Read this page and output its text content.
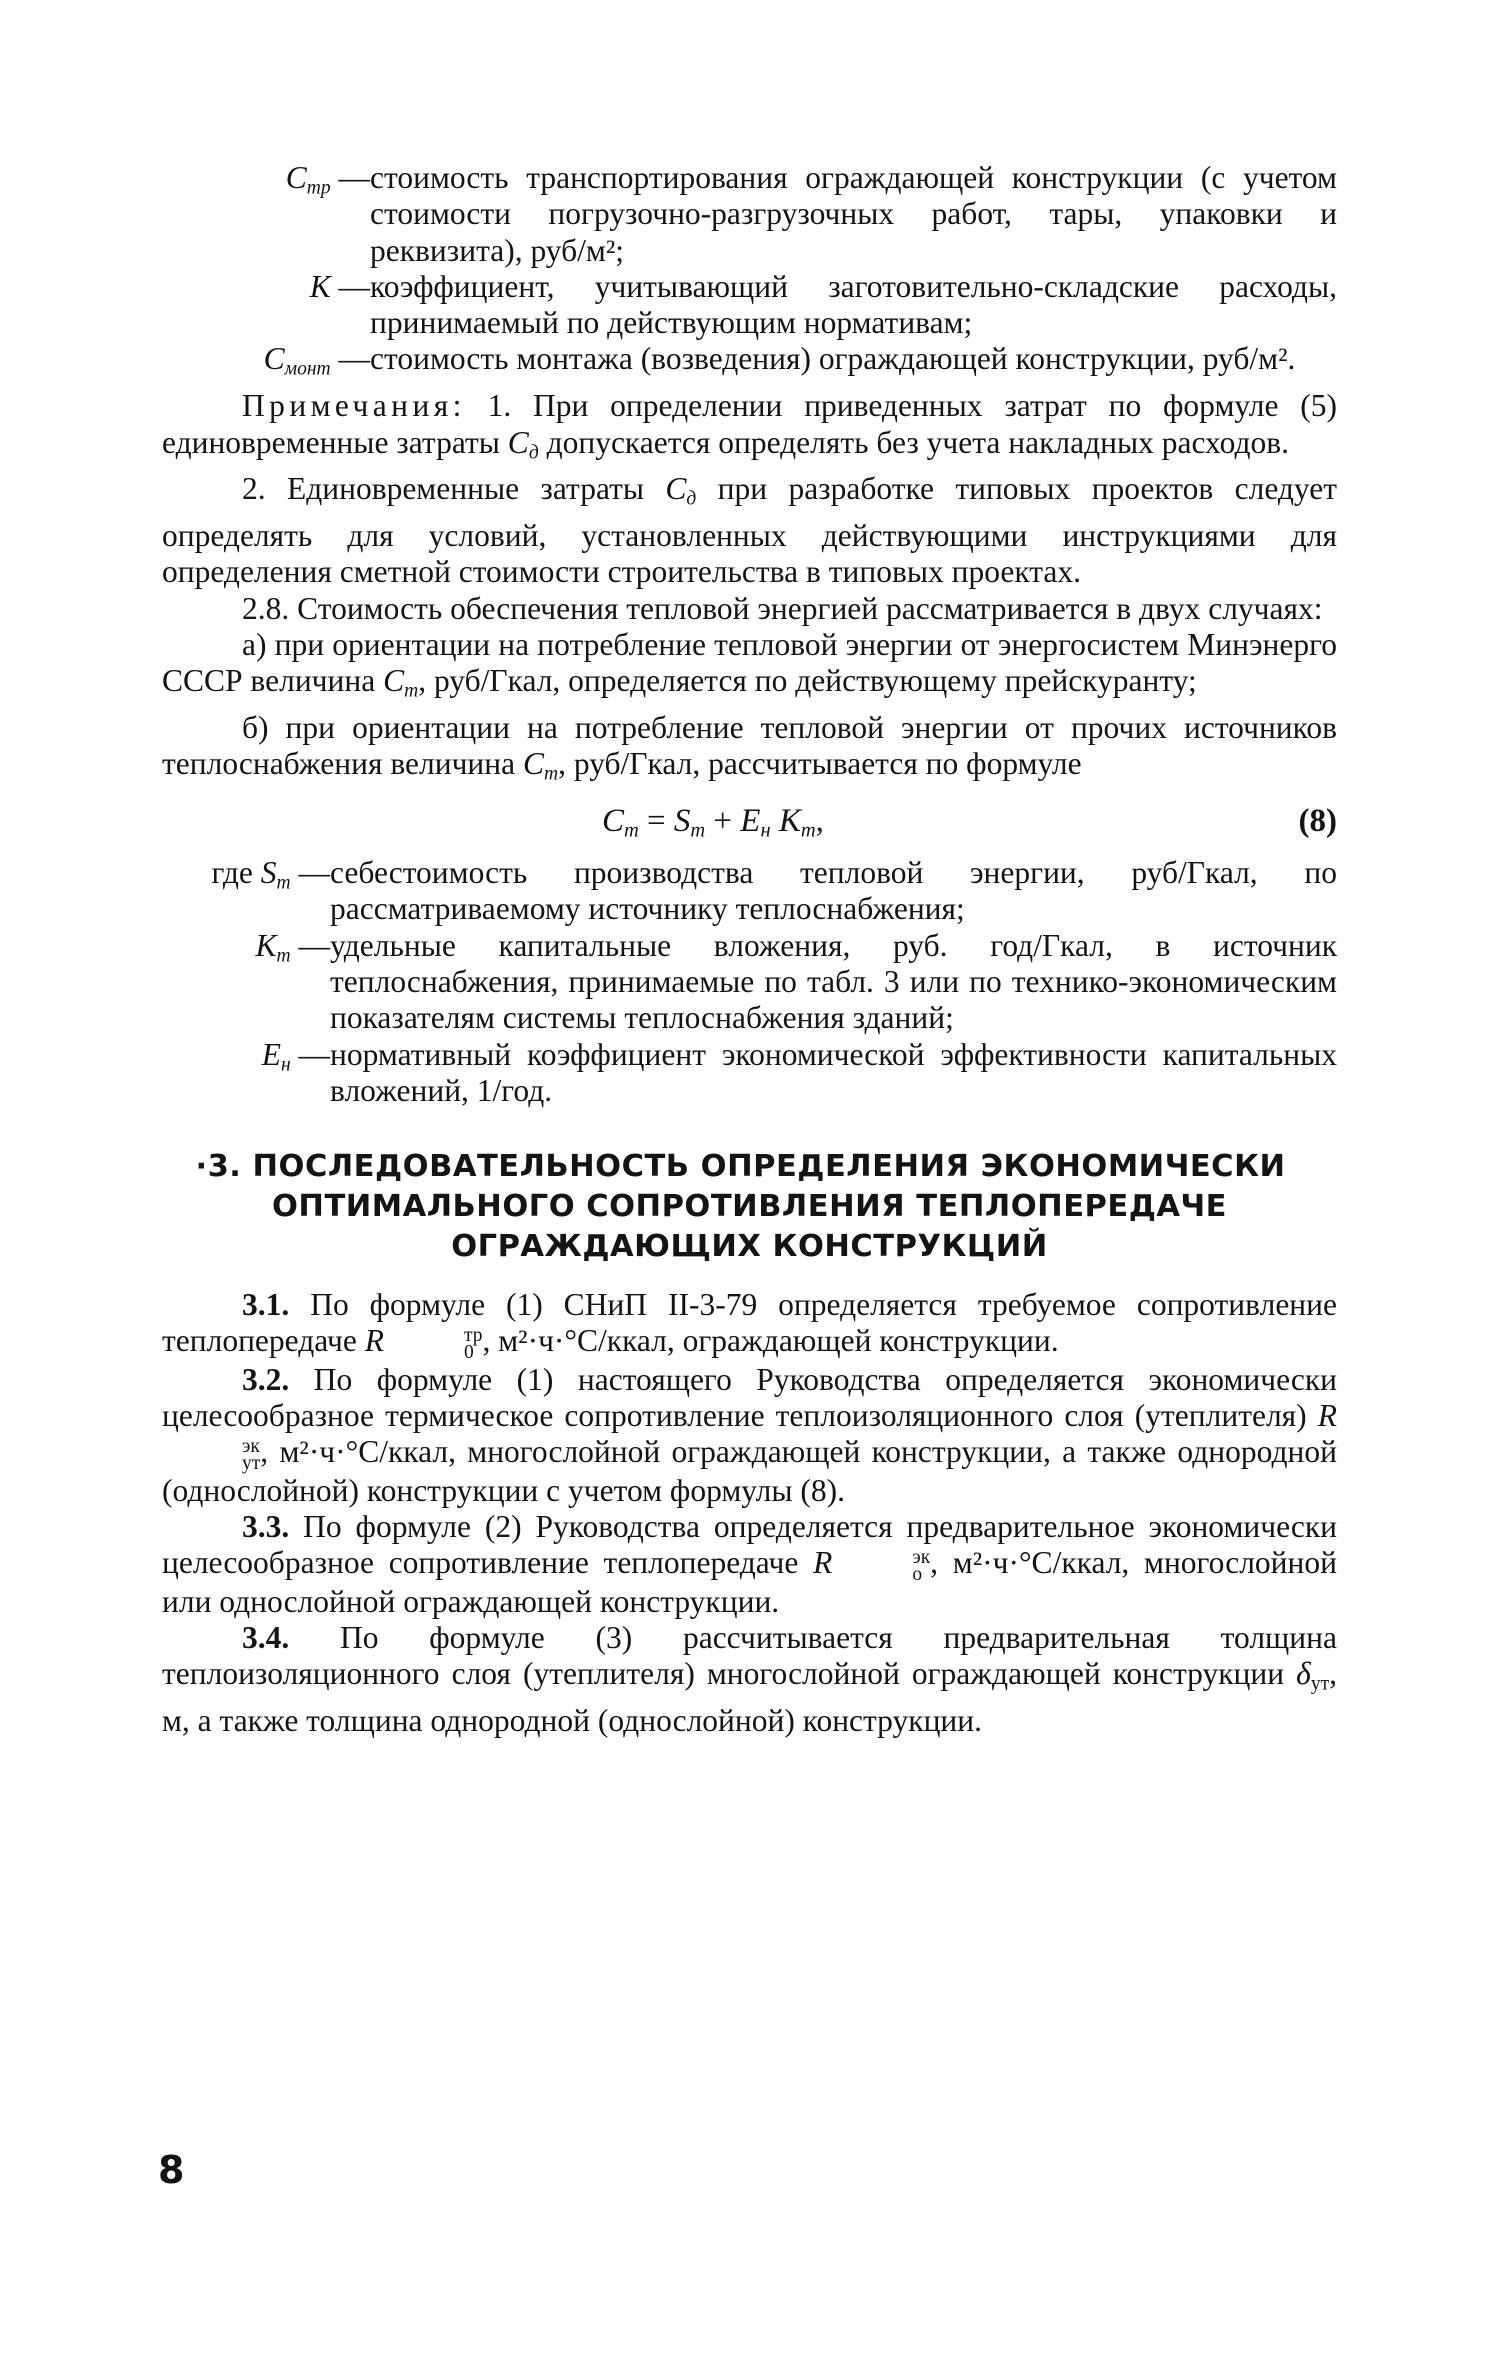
$С_{тр}$ — стоимость транспортирования ограждающей конструкции (с учетом стоимости погрузочно-разгрузочных работ, тары, упаковки и реквизита), руб/м²;
К — коэффициент, учитывающий заготовительно-складские расходы, принимаемый по действующим нормативам;
$С_{монт}$ — стоимость монтажа (возведения) ограждающей конструкции, руб/м².
Примечания: 1. При определении приведенных затрат по формуле (5) единовременные затраты $С_д$ допускается определять без учета накладных расходов.
2. Единовременные затраты $С_д$ при разработке типовых проектов следует определять для условий, установленных действующими инструкциями для определения сметной стоимости строительства в типовых проектах.
2.8. Стоимость обеспечения тепловой энергией рассматривается в двух случаях:
а) при ориентации на потребление тепловой энергии от энергосистем Минэнерго СССР величина $С_т$, руб/Гкал, определяется по действующему прейскуранту;
б) при ориентации на потребление тепловой энергии от прочих источников теплоснабжения величина $С_т$, руб/Гкал, рассчитывается по формуле
$С_т = S_т + E_н$ $K_т$,	(8)
где $S_т$ — себестоимость производства тепловой энергии, руб/Гкал, по рассматриваемому источнику теплоснабжения;
$K_т$ — удельные капитальные вложения, руб. год/Гкал, в источник теплоснабжения, принимаемые по табл. 3 или по технико-экономическим показателям системы теплоснабжения зданий;
$E_н$ — нормативный коэффициент экономической эффективности капитальных вложений, 1/год.
·3. ПОСЛЕДОВАТЕЛЬНОСТЬ ОПРЕДЕЛЕНИЯ ЭКОНОМИЧЕСКИ ОПТИМАЛЬНОГО СОПРОТИВЛЕНИЯ ТЕПЛОПЕРЕДАЧЕ ОГРАЖДАЮЩИХ КОНСТРУКЦИЙ
3.1. По формуле (1) СНиП II-3-79 определяется требуемое сопротивление теплопередаче R	тр
0 , м²·ч·°С/ккал, ограждающей конструкции.
3.2. По формуле (1) настоящего Руководства определяется экономически целесообразное термическое сопротивление теплоизоляционного слоя (утеплителя) R
эк
ут , м²·ч·°С/ккал, многослойной ограждающей конструкции, а также однородной (однослойной) конструкции с учетом формулы (8).
3.3. По формуле (2) Руководства определяется предварительное экономически целесообразное сопротивление теплопередаче R	эк
о , м²·ч·°С/ккал, многослойной или однослойной ограждающей конструкции.
3.4. По формуле (3) рассчитывается предварительная толщина теплоизоляционного слоя (утеплителя) многослойной ограждающей конструкции $\delta_{ут}$, м, а также толщина однородной (однослойной) конструкции.
8
